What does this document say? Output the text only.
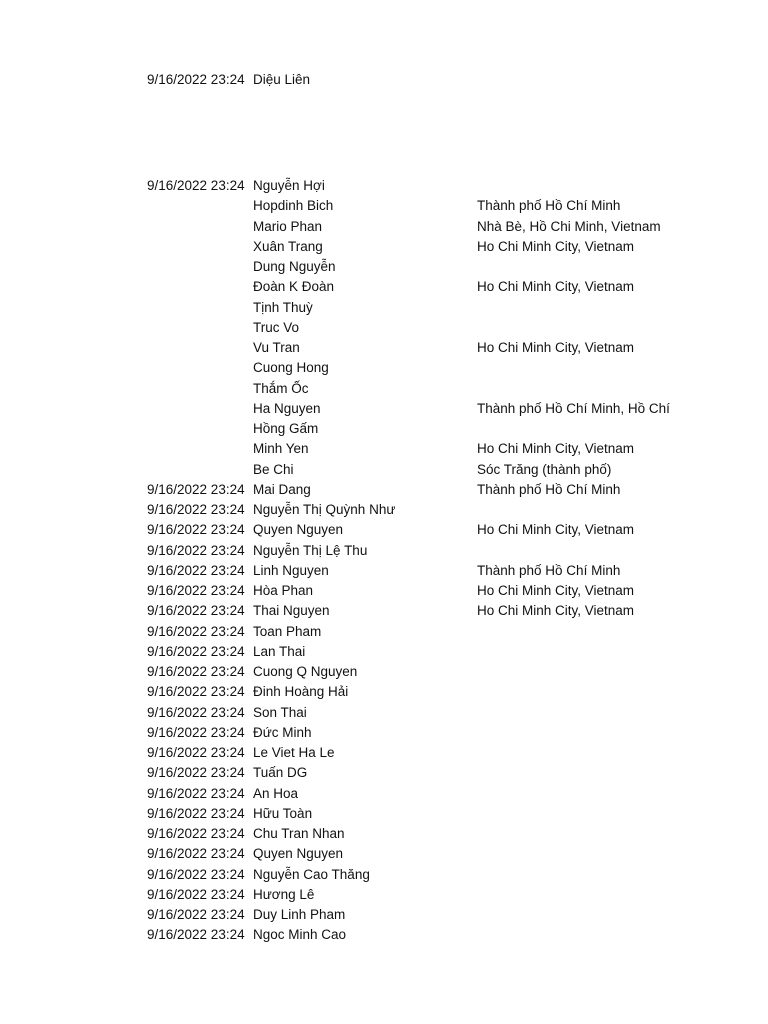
9/16/2022 23:24 Diệu Liên
9/16/2022 23:24 Nguyễn Hợi
Hopdinh Bich	Thành phố Hồ Chí Minh
Mario Phan	Nhà Bè, Hồ Chi Minh, Vietnam
Xuân Trang	Ho Chi Minh City, Vietnam
Dung Nguyễn
Đoàn K Đoàn	Ho Chi Minh City, Vietnam
Tịnh Thuỳ
Truc Vo
Vu Tran	Ho Chi Minh City, Vietnam
Cuong Hong
Thắm Ốc
Ha Nguyen	Thành phố Hồ Chí Minh, Hồ Chí
Hồng Gấm
Minh Yen	Ho Chi Minh City, Vietnam
Be Chi	Sóc Trăng (thành phố)
9/16/2022 23:24 Mai Dang	Thành phố Hồ Chí Minh
9/16/2022 23:24 Nguyễn Thị Quỳnh Như
9/16/2022 23:24 Quyen Nguyen	Ho Chi Minh City, Vietnam
9/16/2022 23:24 Nguyễn Thị Lệ Thu
9/16/2022 23:24 Linh Nguyen	Thành phố Hồ Chí Minh
9/16/2022 23:24 Hòa Phan	Ho Chi Minh City, Vietnam
9/16/2022 23:24 Thai Nguyen	Ho Chi Minh City, Vietnam
9/16/2022 23:24 Toan Pham
9/16/2022 23:24 Lan Thai
9/16/2022 23:24 Cuong Q Nguyen
9/16/2022 23:24 Đinh Hoàng Hải
9/16/2022 23:24 Son Thai
9/16/2022 23:24 Đức Minh
9/16/2022 23:24 Le Viet Ha Le
9/16/2022 23:24 Tuấn DG
9/16/2022 23:24 An Hoa
9/16/2022 23:24 Hữu Toàn
9/16/2022 23:24 Chu Tran Nhan
9/16/2022 23:24 Quyen Nguyen
9/16/2022 23:24 Nguyễn Cao Thăng
9/16/2022 23:24 Hương Lê
9/16/2022 23:24 Duy Linh Pham
9/16/2022 23:24 Ngoc Minh Cao
